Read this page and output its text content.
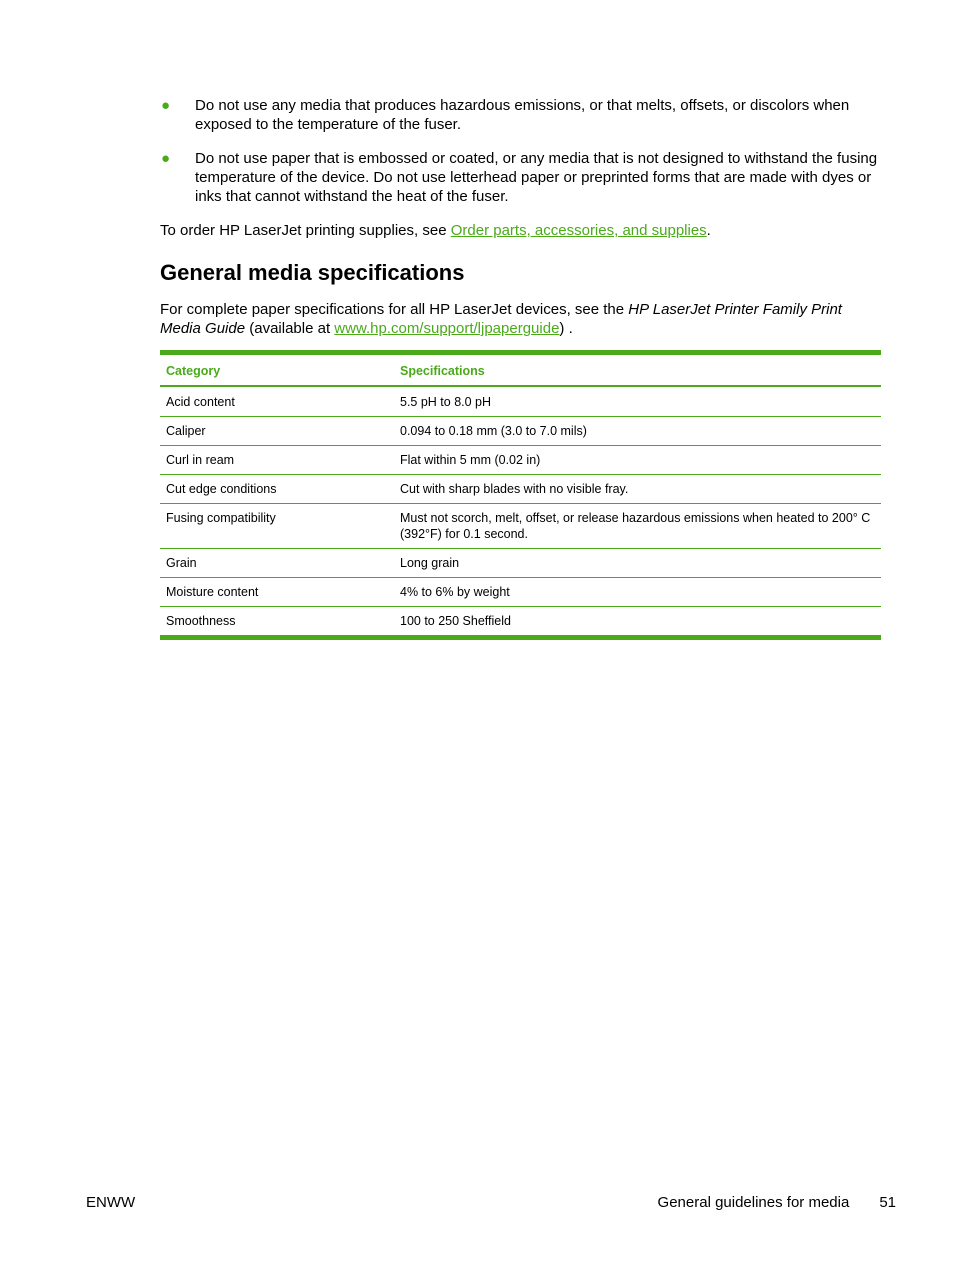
● Do not use any media that produces hazardous emissions, or that melts, offsets, or discolors when exposed to the temperature of the fuser.
● Do not use paper that is embossed or coated, or any media that is not designed to withstand the fusing temperature of the device. Do not use letterhead paper or preprinted forms that are made with dyes or inks that cannot withstand the heat of the fuser.
To order HP LaserJet printing supplies, see Order parts, accessories, and supplies.
General media specifications
For complete paper specifications for all HP LaserJet devices, see the HP LaserJet Printer Family Print Media Guide (available at www.hp.com/support/ljpaperguide) .
Category	Specifications
Acid content	5.5 pH to 8.0 pH
Caliper	0.094 to 0.18 mm (3.0 to 7.0 mils)
Curl in ream	Flat within 5 mm (0.02 in)
Cut edge conditions	Cut with sharp blades with no visible fray.
Fusing compatibility	Must not scorch, melt, offset, or release hazardous emissions when heated to 200° C (392°F) for 0.1 second.
Grain	Long grain
Moisture content	4% to 6% by weight
Smoothness	100 to 250 Sheffield
ENWW	General guidelines for media 51
